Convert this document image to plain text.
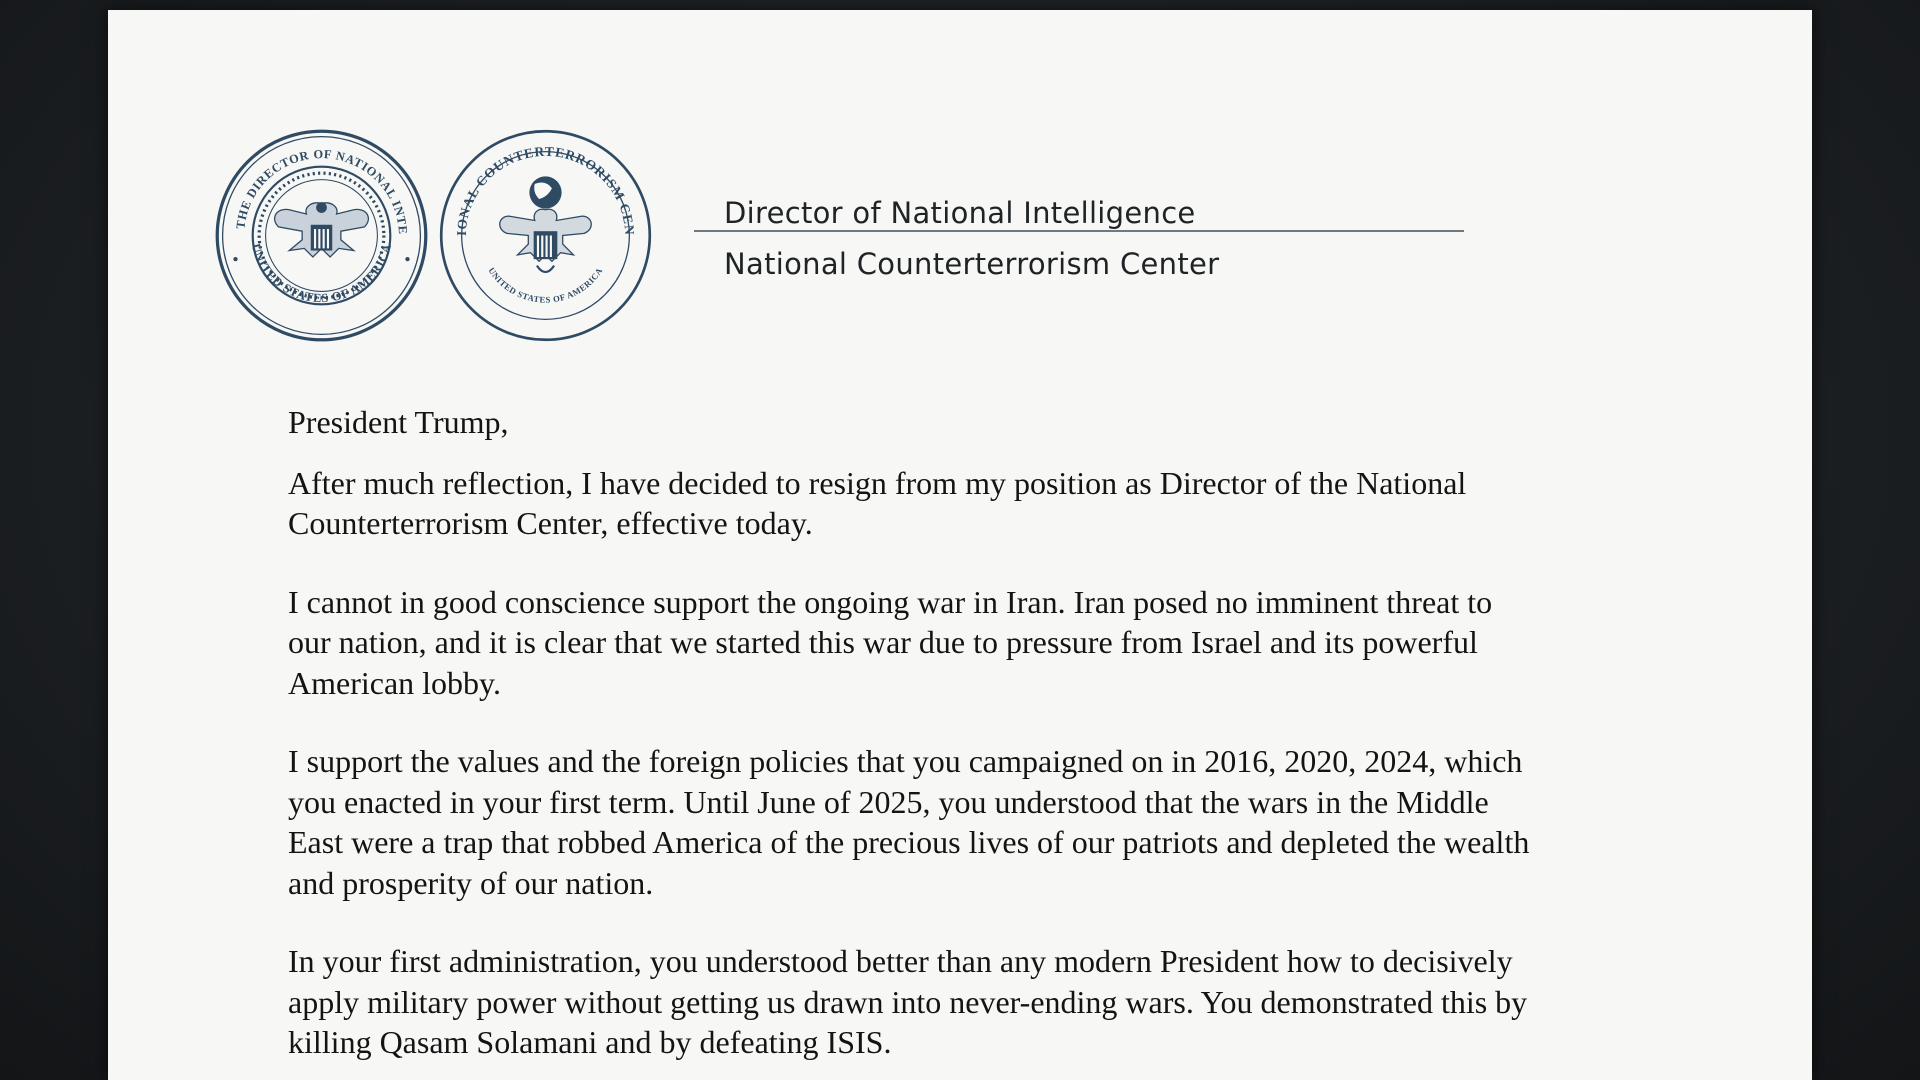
THE DIRECTOR OF NATIONAL INTE
UNITED STATES OF AMERICA
IONAL COUNTERTERRORISM CEN
UNITED STATES OF AMERICA
Director of National Intelligence
National Counterterrorism Center

President Trump,

After much reflection, I have decided to resign from my position as Director of the National
Counterterrorism Center, effective today.

I cannot in good conscience support the ongoing war in Iran. Iran posed no imminent threat to
our nation, and it is clear that we started this war due to pressure from Israel and its powerful
American lobby.

I support the values and the foreign policies that you campaigned on in 2016, 2020, 2024, which
you enacted in your first term. Until June of 2025, you understood that the wars in the Middle
East were a trap that robbed America of the precious lives of our patriots and depleted the wealth
and prosperity of our nation.

In your first administration, you understood better than any modern President how to decisively
apply military power without getting us drawn into never-ending wars. You demonstrated this by
killing Qasam Solamani and by defeating ISIS.
